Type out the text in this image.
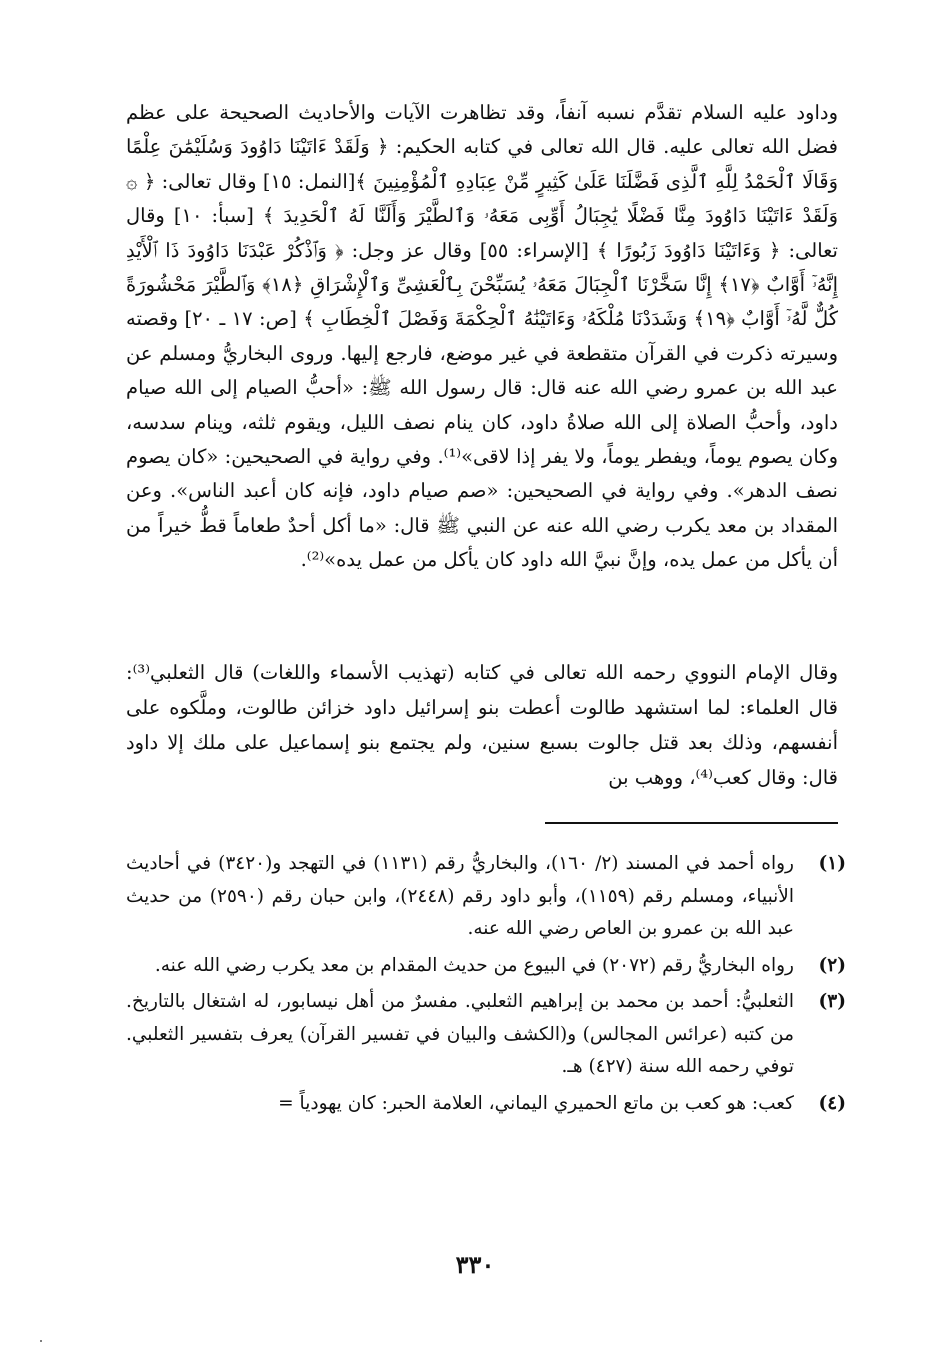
وداود عليه السلام تقدَّم نسبه آنفاً، وقد تظاهرت الآيات والأحاديث الصحيحة على عظم فضل الله تعالى عليه. قال الله تعالى في كتابه الحكيم: ﴿ وَلَقَدْ ءَاتَيْنَا دَاوُودَ وَسُلَيْمَٰنَ عِلْمًا وَقَالَا ٱلْحَمْدُ لِلَّهِ ٱلَّذِى فَضَّلَنَا عَلَىٰ كَثِيرٍ مِّنْ عِبَادِهِ ٱلْمُؤْمِنِينَ ﴾[النمل: ١٥] وقال تعالى: ﴿ ۞ وَلَقَدْ ءَاتَيْنَا دَاوُودَ مِنَّا فَضْلًا يَٰجِبَالُ أَوِّبِى مَعَهُۥ وَٱلطَّيْرَ وَأَلَنَّا لَهُ ٱلْحَدِيدَ ﴾ [سبأ: ١٠] وقال تعالى: ﴿ وَءَاتَيْنَا دَاوُودَ زَبُورًا ﴾ [الإسراء: ٥٥] وقال عز وجل: ﴿ وَٱذْكُرْ عَبْدَنَا دَاوُودَ ذَا ٱلْأَيْدِ إِنَّهُۥٓ أَوَّابٌ ﴿١٧﴾ إِنَّا سَخَّرْنَا ٱلْجِبَالَ مَعَهُۥ يُسَبِّحْنَ بِٱلْعَشِىِّ وَٱلْإِشْرَاقِ ﴿١٨﴾ وَٱلطَّيْرَ مَحْشُورَةً كُلٌّ لَّهُۥٓ أَوَّابٌ ﴿١٩﴾ وَشَدَدْنَا مُلْكَهُۥ وَءَاتَيْنَٰهُ ٱلْحِكْمَةَ وَفَصْلَ ٱلْخِطَابِ ﴾ [ص: ١٧ ـ ٢٠] وقصته وسيرته ذكرت في القرآن متقطعة في غير موضع، فارجع إليها. وروى البخاريُّ ومسلم عن عبد الله بن عمرو رضي الله عنه قال: قال رسول الله ﷺ: «أحبُّ الصيام إلى الله صيام داود، وأحبُّ الصلاة إلى الله صلاةُ داود، كان ينام نصف الليل، ويقوم ثلثه، وينام سدسه، وكان يصوم يوماً، ويفطر يوماً، ولا يفر إذا لاقى»⁽¹⁾. وفي رواية في الصحيحين: «كان يصوم نصف الدهر». وفي رواية في الصحيحين: «صم صيام داود، فإنه كان أعبد الناس». وعن المقداد بن معد يكرب رضي الله عنه عن النبي ﷺ قال: «ما أكل أحدٌ طعاماً قطُّ خيراً من أن يأكل من عمل يده، وإنَّ نبيَّ الله داود كان يأكل من عمل يده»⁽²⁾.

وقال الإمام النووي رحمه الله تعالى في كتابه (تهذيب الأسماء واللغات) قال الثعلبي⁽³⁾: قال العلماء: لما استشهد طالوت أعطت بنو إسرائيل داود خزائن طالوت، وملَّكوه على أنفسهم، وذلك بعد قتل جالوت بسبع سنين، ولم يجتمع بنو إسماعيل على ملك إلا داود قال: وقال كعب⁽⁴⁾، ووهب بن
(١)
رواه أحمد في المسند (٢/ ١٦٠)، والبخاريُّ رقم (١١٣١) في التهجد و(٣٤٢٠) في أحاديث الأنبياء، ومسلم رقم (١١٥٩)، وأبو داود رقم (٢٤٤٨)، وابن حبان رقم (٢٥٩٠) من حديث عبد الله بن عمرو بن العاص رضي الله عنه.
(٢)
رواه البخاريُّ رقم (٢٠٧٢) في البيوع من حديث المقدام بن معد يكرب رضي الله عنه.
(٣)
الثعلبيُّ: أحمد بن محمد بن إبراهيم الثعلبي. مفسرٌ من أهل نيسابور، له اشتغال بالتاريخ. من كتبه (عرائس المجالس) و(الكشف والبيان في تفسير القرآن) يعرف بتفسير الثعلبي. توفي رحمه الله سنة (٤٢٧) هـ.
(٤)
كعب: هو كعب بن ماتع الحميري اليماني، العلامة الحبر: كان يهودياً =
٣٣٠
